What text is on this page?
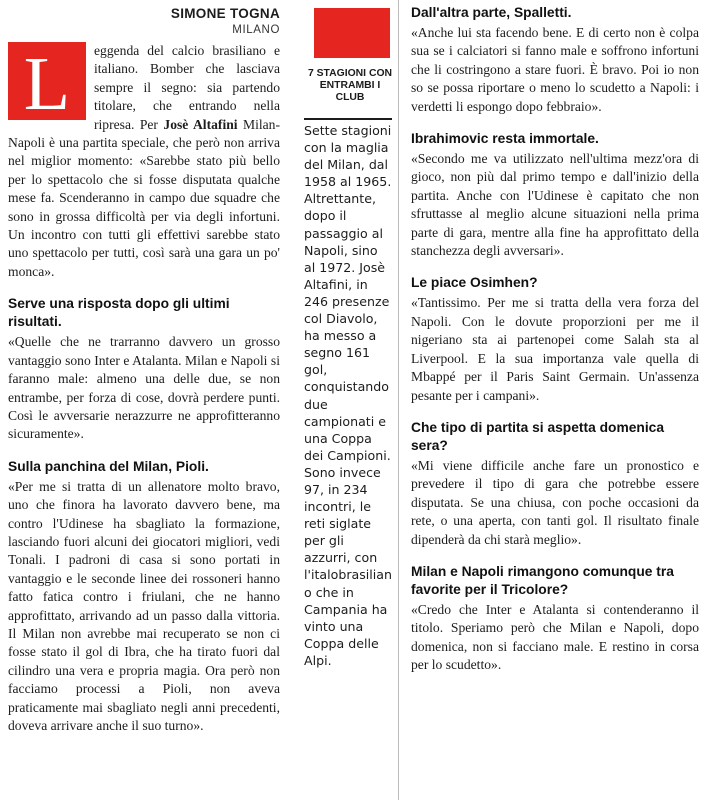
SIMONE TOGNA
MILANO
L	eggenda del calcio brasiliano e italiano. Bomber che lasciava sempre il segno: sia partendo titolare, che entrando nella ripresa. Per Josè Altafini Milan-Napoli è una partita speciale, che però non arriva nel miglior momento: «Sarebbe stato più bello per lo spettacolo che si fosse disputata qualche mese fa. Scenderanno in campo due squadre che sono in grossa difficoltà per via degli infortuni. Un incontro con tutti gli effettivi sarebbe stato uno spettacolo per tutti, così sarà una gara un po' monca».

Serve una risposta dopo gli ultimi risultati.

«Quelle che ne trarranno davvero un grosso vantaggio sono Inter e Atalanta. Milan e Napoli si faranno male: almeno una delle due, se non entrambe, per forza di cose, dovrà perdere punti. Così le avversarie nerazzurre ne approfitteranno sicuramente».

Sulla panchina del Milan, Pioli.

«Per me si tratta di un allenatore molto bravo, uno che finora ha lavorato davvero bene, ma contro l'Udinese ha sbagliato la formazione, lasciando fuori alcuni dei giocatori migliori, vedi Tonali. I padroni di casa si sono portati in vantaggio e le seconde linee dei rossoneri hanno fatto fatica contro i friulani, che ne hanno approfittato, arrivando ad un passo dalla vittoria. Il Milan non avrebbe mai recuperato se non ci fosse stato il gol di Ibra, che ha tirato fuori dal cilindro una vera e propria magia. Ora però non facciamo processi a Pioli, non aveva praticamente mai sbagliato negli anni precedenti, doveva arrivare anche il suo turno».

7 STAGIONI CON ENTRAMBI I CLUB

Sette stagioni con la maglia del Milan, dal 1958 al 1965. Altrettante, dopo il passaggio al Napoli, sino al 1972. Josè Altafini, in 246 presenze col Diavolo, ha messo a segno 161 gol, conquistando due campionati e una Coppa dei Campioni. Sono invece 97, in 234 incontri, le reti siglate per gli azzurri, con l'italobrasiliano che in Campania ha vinto una Coppa delle Alpi.

Dall'altra parte, Spalletti.

«Anche lui sta facendo bene. E di certo non è colpa sua se i calciatori si fanno male e soffrono infortuni che li costringono a stare fuori. È bravo. Poi io non so se possa riportare o meno lo scudetto a Napoli: i verdetti li espongo dopo febbraio».

Ibrahimovic resta immortale.

«Secondo me va utilizzato nell'ultima mezz'ora di gioco, non più dal primo tempo e dall'inizio della partita. Anche con l'Udinese è capitato che non sfruttasse al meglio alcune situazioni nella prima parte di gara, mentre alla fine ha approfittato della stanchezza degli avversari».

Le piace Osimhen?

«Tantissimo. Per me si tratta della vera forza del Napoli. Con le dovute proporzioni per me il nigeriano sta ai partenopei come Salah sta al Liverpool. E la sua importanza vale quella di Mbappé per il Paris Saint Germain. Un'assenza pesante per i campani».

Che tipo di partita si aspetta domenica sera?

«Mi viene difficile anche fare un pronostico e prevedere il tipo di gara che potrebbe essere disputata. Se una chiusa, con poche occasioni da rete, o una aperta, con tanti gol. Il risultato finale dipenderà da chi starà meglio».

Milan e Napoli rimangono comunque tra favorite per il Tricolore?

«Credo che Inter e Atalanta si contenderanno il titolo. Speriamo però che Milan e Napoli, dopo domenica, non si facciano male. E restino in corsa per lo scudetto».
